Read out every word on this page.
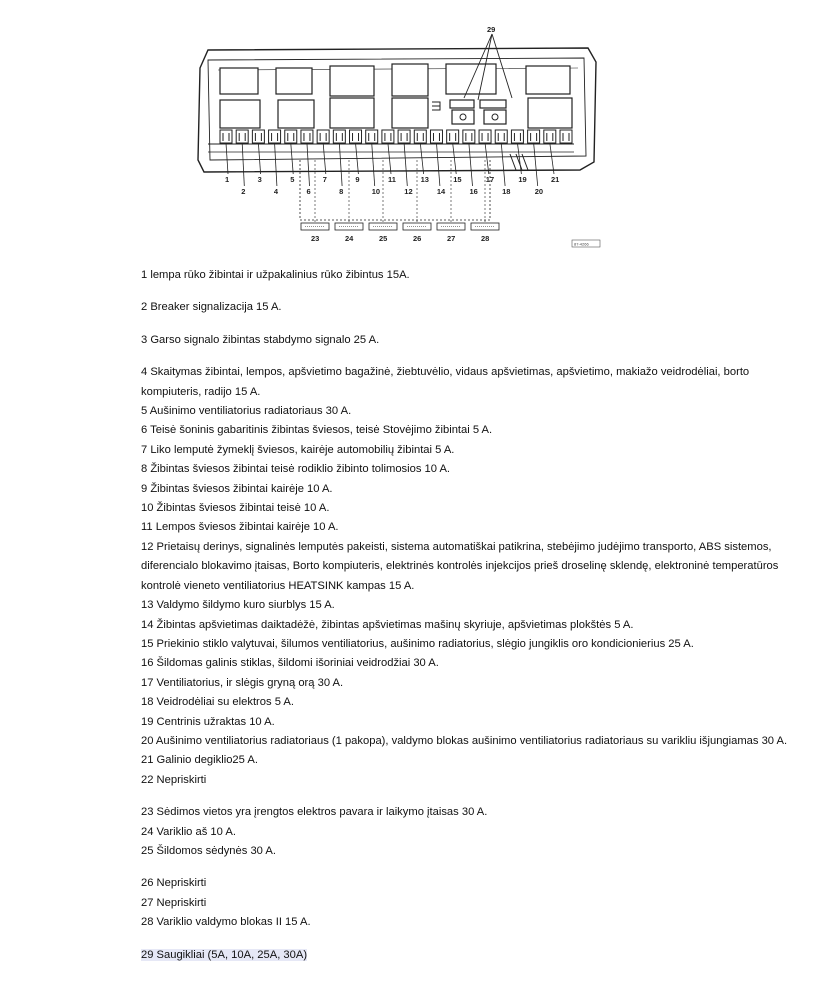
29
1
2
3
4
5
6
7
8
9
10
11
12
13
14
15
16
17
18
19
20
21
23	24	25	26	27	28
87-4266

1 lempa rūko žibintai ir užpakalinius rūko žibintus 15A.

2 Breaker signalizacija 15 A.

3 Garso signalo žibintas stabdymo signalo 25 A.

4 Skaitymas žibintai, lempos, apšvietimo bagažinė, žiebtuvėlio, vidaus apšvietimas, apšvietimo, makiažo veidrodėliai, borto kompiuteris, radijo 15 A.

5 Aušinimo ventiliatorius radiatoriaus 30 A.

6 Teisė šoninis gabaritinis žibintas šviesos, teisė Stovėjimo žibintai 5 A.

7 Liko lemputė žymeklį šviesos, kairėje automobilių žibintai 5 A.

8 Žibintas šviesos žibintai teisė rodiklio žibinto tolimosios 10 A.

9 Žibintas šviesos žibintai kairėje 10 A.

10 Žibintas šviesos žibintai teisė 10 A.

11 Lempos šviesos žibintai kairėje 10 A.

12 Prietaisų derinys, signalinės lemputės pakeisti, sistema automatiškai patikrina, stebėjimo judėjimo transporto, ABS sistemos, diferencialo blokavimo įtaisas, Borto kompiuteris, elektrinės kontrolės injekcijos prieš droselinę sklendę, elektroninė temperatūros kontrolė vieneto ventiliatorius HEATSINK kampas 15 A.

13 Valdymo šildymo kuro siurblys 15 A.

14 Žibintas apšvietimas daiktadėžė, žibintas apšvietimas mašinų skyriuje, apšvietimas plokštės 5 A.

15 Priekinio stiklo valytuvai, šilumos ventiliatorius, aušinimo radiatorius, slėgio jungiklis oro kondicionierius 25 A.

16 Šildomas galinis stiklas, šildomi išoriniai veidrodžiai 30 A.

17 Ventiliatorius, ir slėgis gryną orą 30 A.

18 Veidrodėliai su elektros 5 A.

19 Centrinis užraktas 10 A.

20 Aušinimo ventiliatorius radiatoriaus (1 pakopa), valdymo blokas aušinimo ventiliatorius radiatoriaus su varikliu išjungiamas 30 A.

21 Galinio degiklio25 A.

22 Nepriskirti

23 Sėdimos vietos yra įrengtos elektros pavara ir laikymo įtaisas 30 A.

24 Variklio aš 10 A.

25 Šildomos sėdynės 30 A.

26 Nepriskirti

27 Nepriskirti

28 Variklio valdymo blokas II 15 A.

29 Saugikliai (5A, 10A, 25A, 30A)
